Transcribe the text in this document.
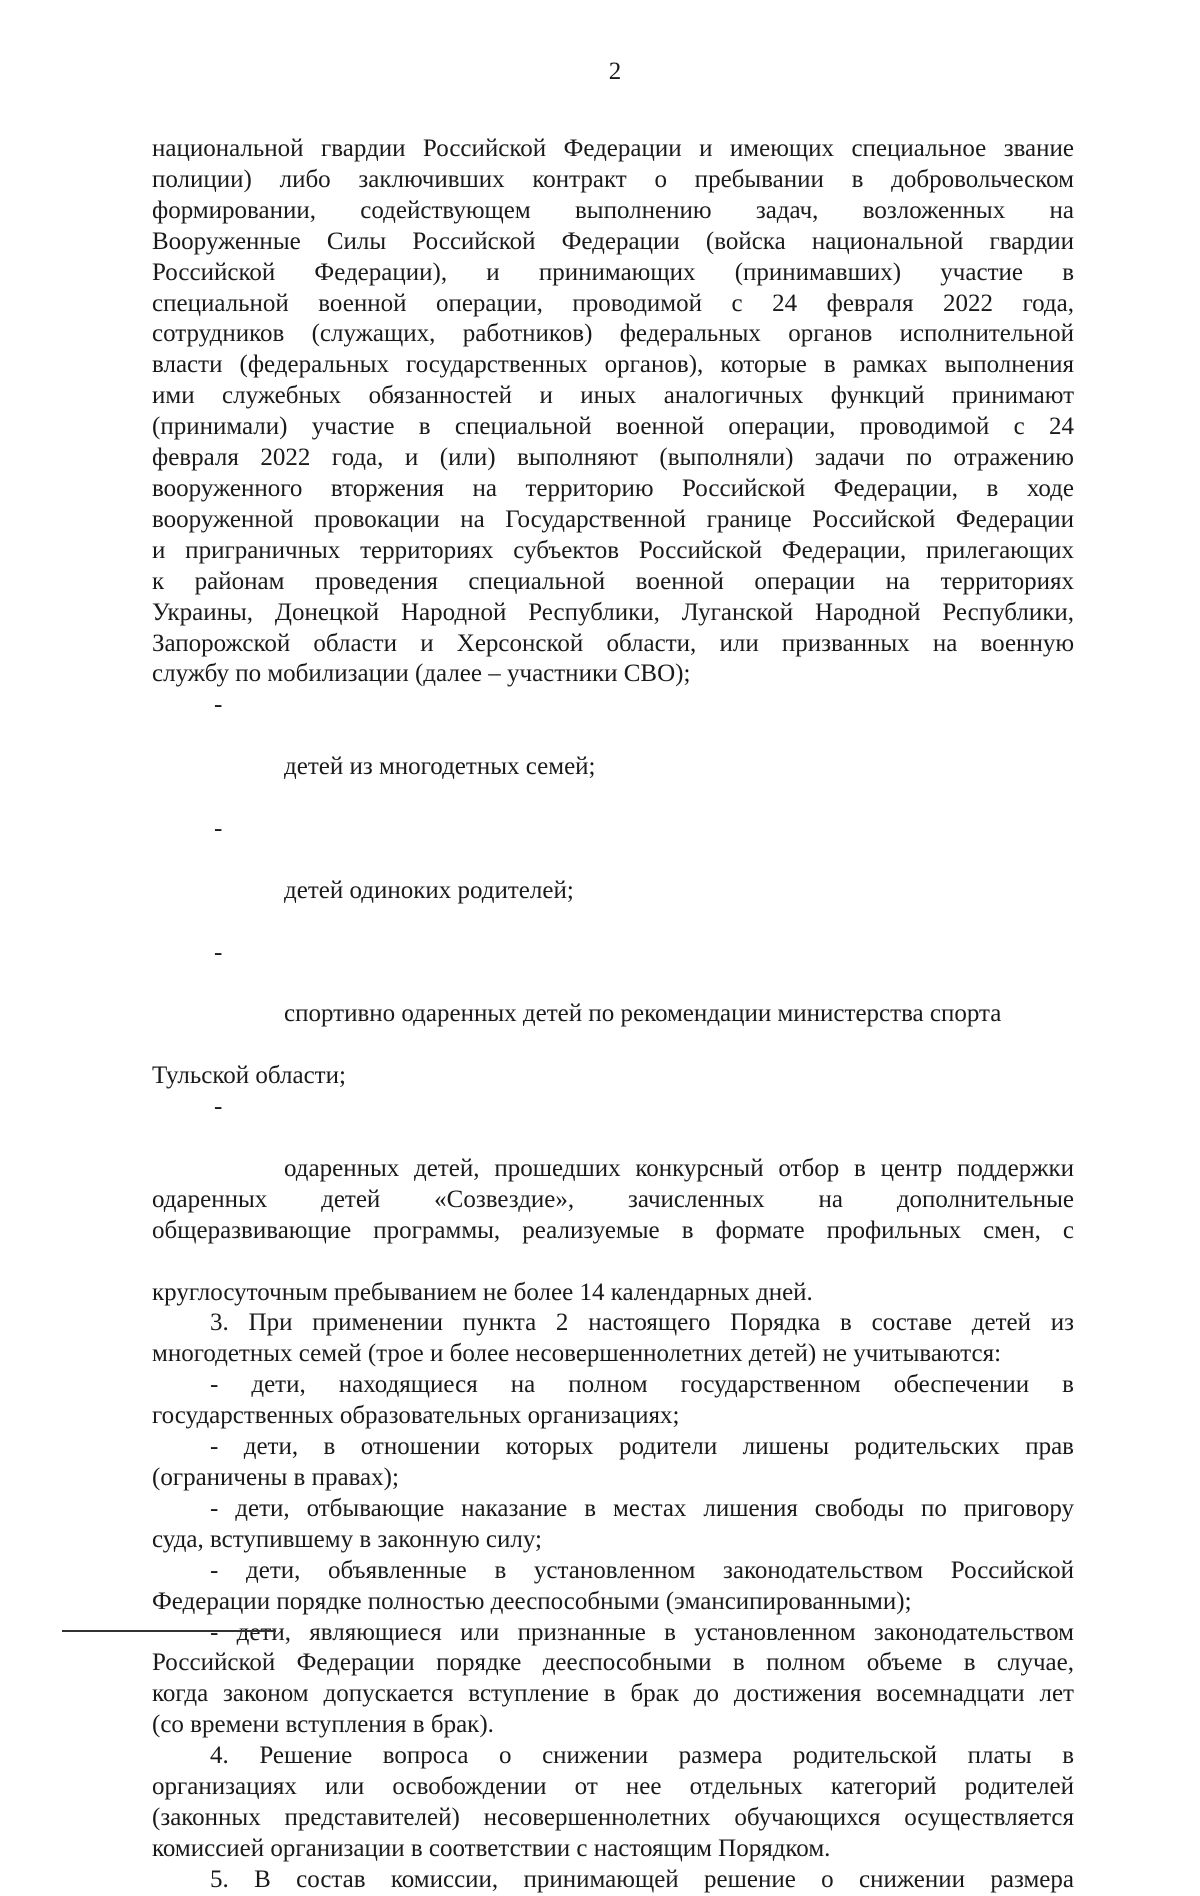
2

национальной гвардии Российской Федерации и имеющих специальное звание
полиции) либо заключивших контракт о пребывании в добровольческом
формировании, содействующем выполнению задач, возложенных на
Вооруженные Силы Российской Федерации (войска национальной гвардии
Российской Федерации), и принимающих (принимавших) участие в
специальной военной операции, проводимой с 24 февраля 2022 года,
сотрудников (служащих, работников) федеральных органов исполнительной
власти (федеральных государственных органов), которые в рамках выполнения
ими служебных обязанностей и иных аналогичных функций принимают
(принимали) участие в специальной военной операции, проводимой с 24
февраля 2022 года, и (или) выполняют (выполняли) задачи по отражению
вооруженного вторжения на территорию Российской Федерации, в ходе
вооруженной провокации на Государственной границе Российской Федерации
и приграничных территориях субъектов Российской Федерации, прилегающих
к районам проведения специальной военной операции на территориях
Украины, Донецкой Народной Республики, Луганской Народной Республики,
Запорожской области и Херсонской области, или призванных на военную

службу по мобилизации (далее – участники СВО);

-

детей из многодетных семей;

-

детей одиноких родителей;

-

спортивно одаренных детей по рекомендации министерства спорта

Тульской области;

-

одаренных детей, прошедших конкурсный отбор в центр поддержки
одаренных детей «Созвездие», зачисленных на дополнительные
общеразвивающие программы, реализуемые в формате профильных смен, с

круглосуточным пребыванием не более 14 календарных дней.

3. При применении пункта 2 настоящего Порядка в составе детей из

многодетных семей (трое и более несовершеннолетних детей) не учитываются:

- дети, находящиеся на полном государственном обеспечении в

государственных образовательных организациях;

- дети, в отношении которых родители лишены родительских прав

(ограничены в правах);

- дети, отбывающие наказание в местах лишения свободы по приговору

суда, вступившему в законную силу;

- дети, объявленные в установленном законодательством Российской

Федерации порядке полностью дееспособными (эмансипированными);

- дети, являющиеся или признанные в установленном законодательством
Российской Федерации порядке дееспособными в полном объеме в случае,
когда законом допускается вступление в брак до достижения восемнадцати лет

(со времени вступления в брак).

4. Решение вопроса о снижении размера родительской платы в
организациях или освобождении от нее отдельных категорий родителей
(законных представителей) несовершеннолетних обучающихся осуществляется

комиссией организации в соответствии с настоящим Порядком.

5. В состав комиссии, принимающей решение о снижении размера
